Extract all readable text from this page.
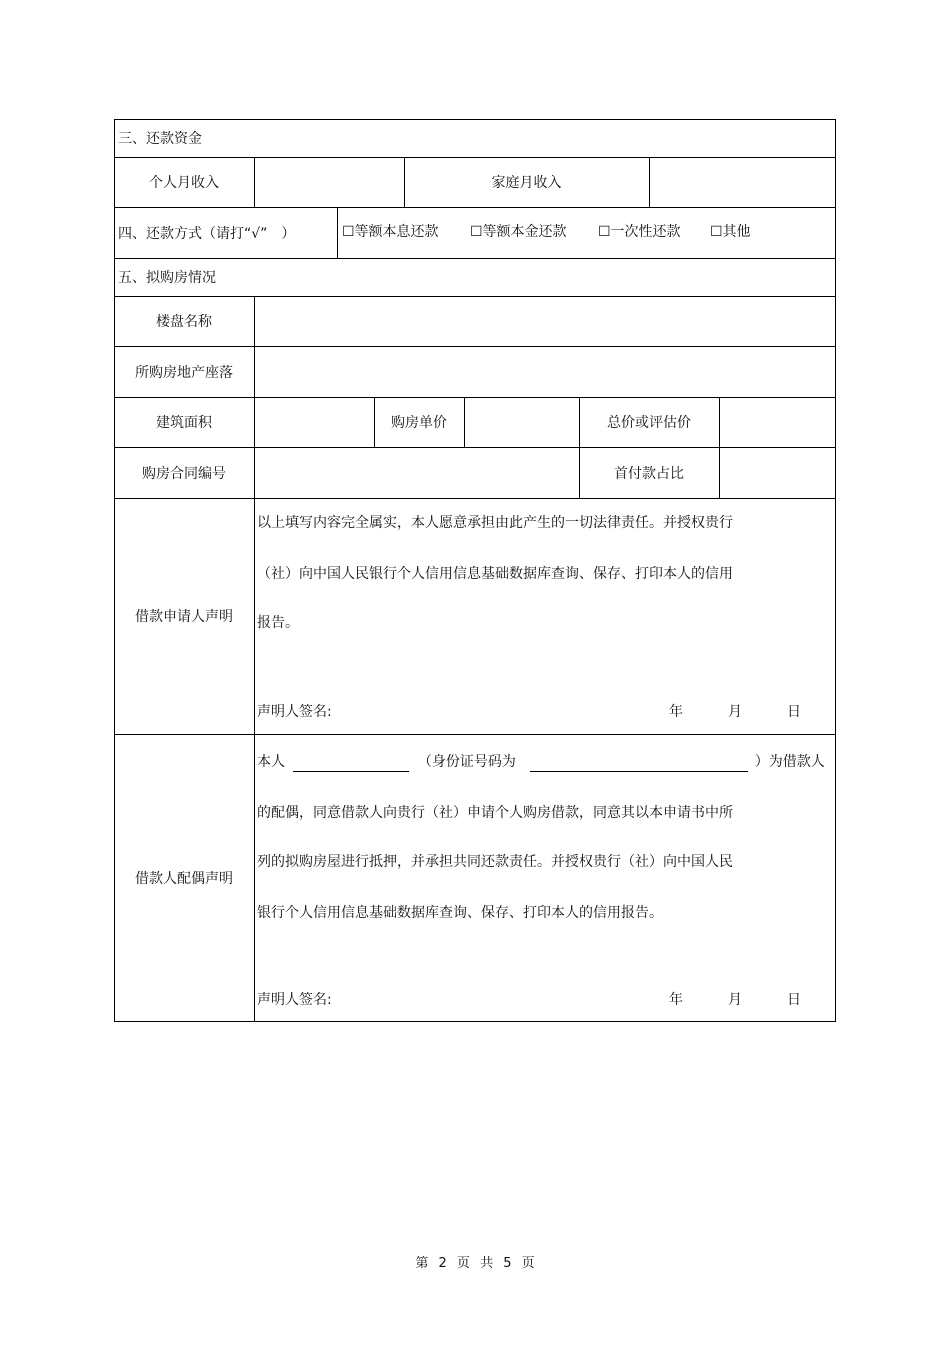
三、还款资金
个人月收入	家庭月收入
四、还款方式（请打“√”　）	☐等额本息还款 ☐等额本金还款 ☐一次性还款 ☐其他
五、拟购房情况
楼盘名称
所购房地产座落
建筑面积	购房单价	总价或评估价
购房合同编号	首付款占比
借款申请人声明
以上填写内容完全属实，本人愿意承担由此产生的一切法律责任。并授权贵行
（社）向中国人民银行个人信用信息基础数据库查询、保存、打印本人的信用
报告。
声明人签名:	年	月	日
借款人配偶声明
本人	（身份证号码为	）为借款人
的配偶，同意借款人向贵行（社）申请个人购房借款，同意其以本申请书中所
列的拟购房屋进行抵押，并承担共同还款责任。并授权贵行（社）向中国人民
银行个人信用信息基础数据库查询、保存、打印本人的信用报告。
声明人签名:	年	月	日
第 2 页 共 5 页
